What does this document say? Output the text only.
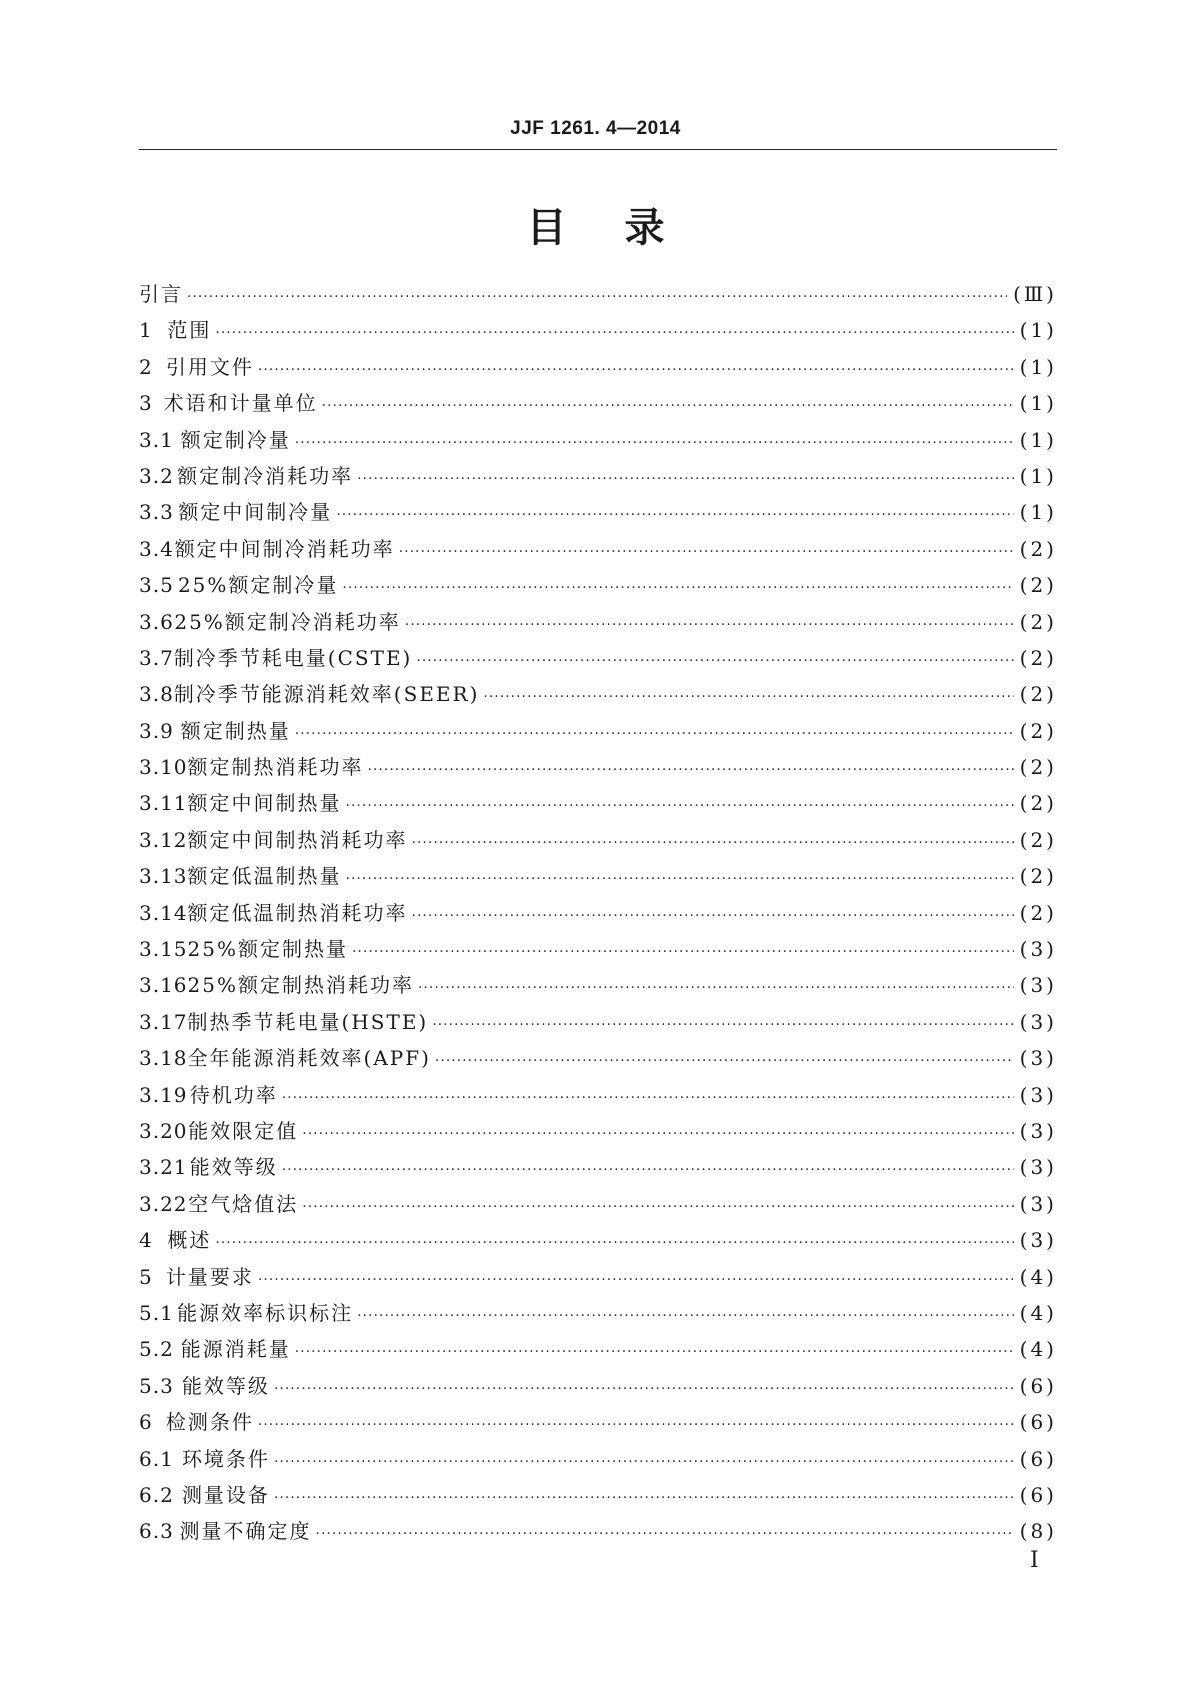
JJF 1261. 4—2014
目录
引言 ·····	(Ⅲ)
1 范围 ·····	(1)
2 引用文件 ·····	(1)
3 术语和计量单位 ·····	(1)
3.1 额定制冷量 ·····	(1)
3.2 额定制冷消耗功率 ·····	(1)
3.3 额定中间制冷量 ·····	(1)
3.4 额定中间制冷消耗功率 ·····	(2)
3.5 25%额定制冷量 ·····	(2)
3.6 25%额定制冷消耗功率 ·····	(2)
3.7 制冷季节耗电量(CSTE) ·····	(2)
3.8 制冷季节能源消耗效率(SEER) ·····	(2)
3.9 额定制热量 ·····	(2)
3.10 额定制热消耗功率 ·····	(2)
3.11 额定中间制热量 ·····	(2)
3.12 额定中间制热消耗功率 ·····	(2)
3.13 额定低温制热量 ·····	(2)
3.14 额定低温制热消耗功率 ·····	(2)
3.15 25%额定制热量 ·····	(3)
3.16 25%额定制热消耗功率 ·····	(3)
3.17 制热季节耗电量(HSTE) ·····	(3)
3.18 全年能源消耗效率(APF) ·····	(3)
3.19 待机功率 ·····	(3)
3.20 能效限定值 ·····	(3)
3.21 能效等级 ·····	(3)
3.22 空气焓值法 ·····	(3)
4 概述 ·····	(3)
5 计量要求 ·····	(4)
5.1 能源效率标识标注 ·····	(4)
5.2 能源消耗量 ·····	(4)
5.3 能效等级 ·····	(6)
6 检测条件 ·····	(6)
6.1 环境条件 ·····	(6)
6.2 测量设备 ·····	(6)
6.3 测量不确定度 ·····	(8)
I
